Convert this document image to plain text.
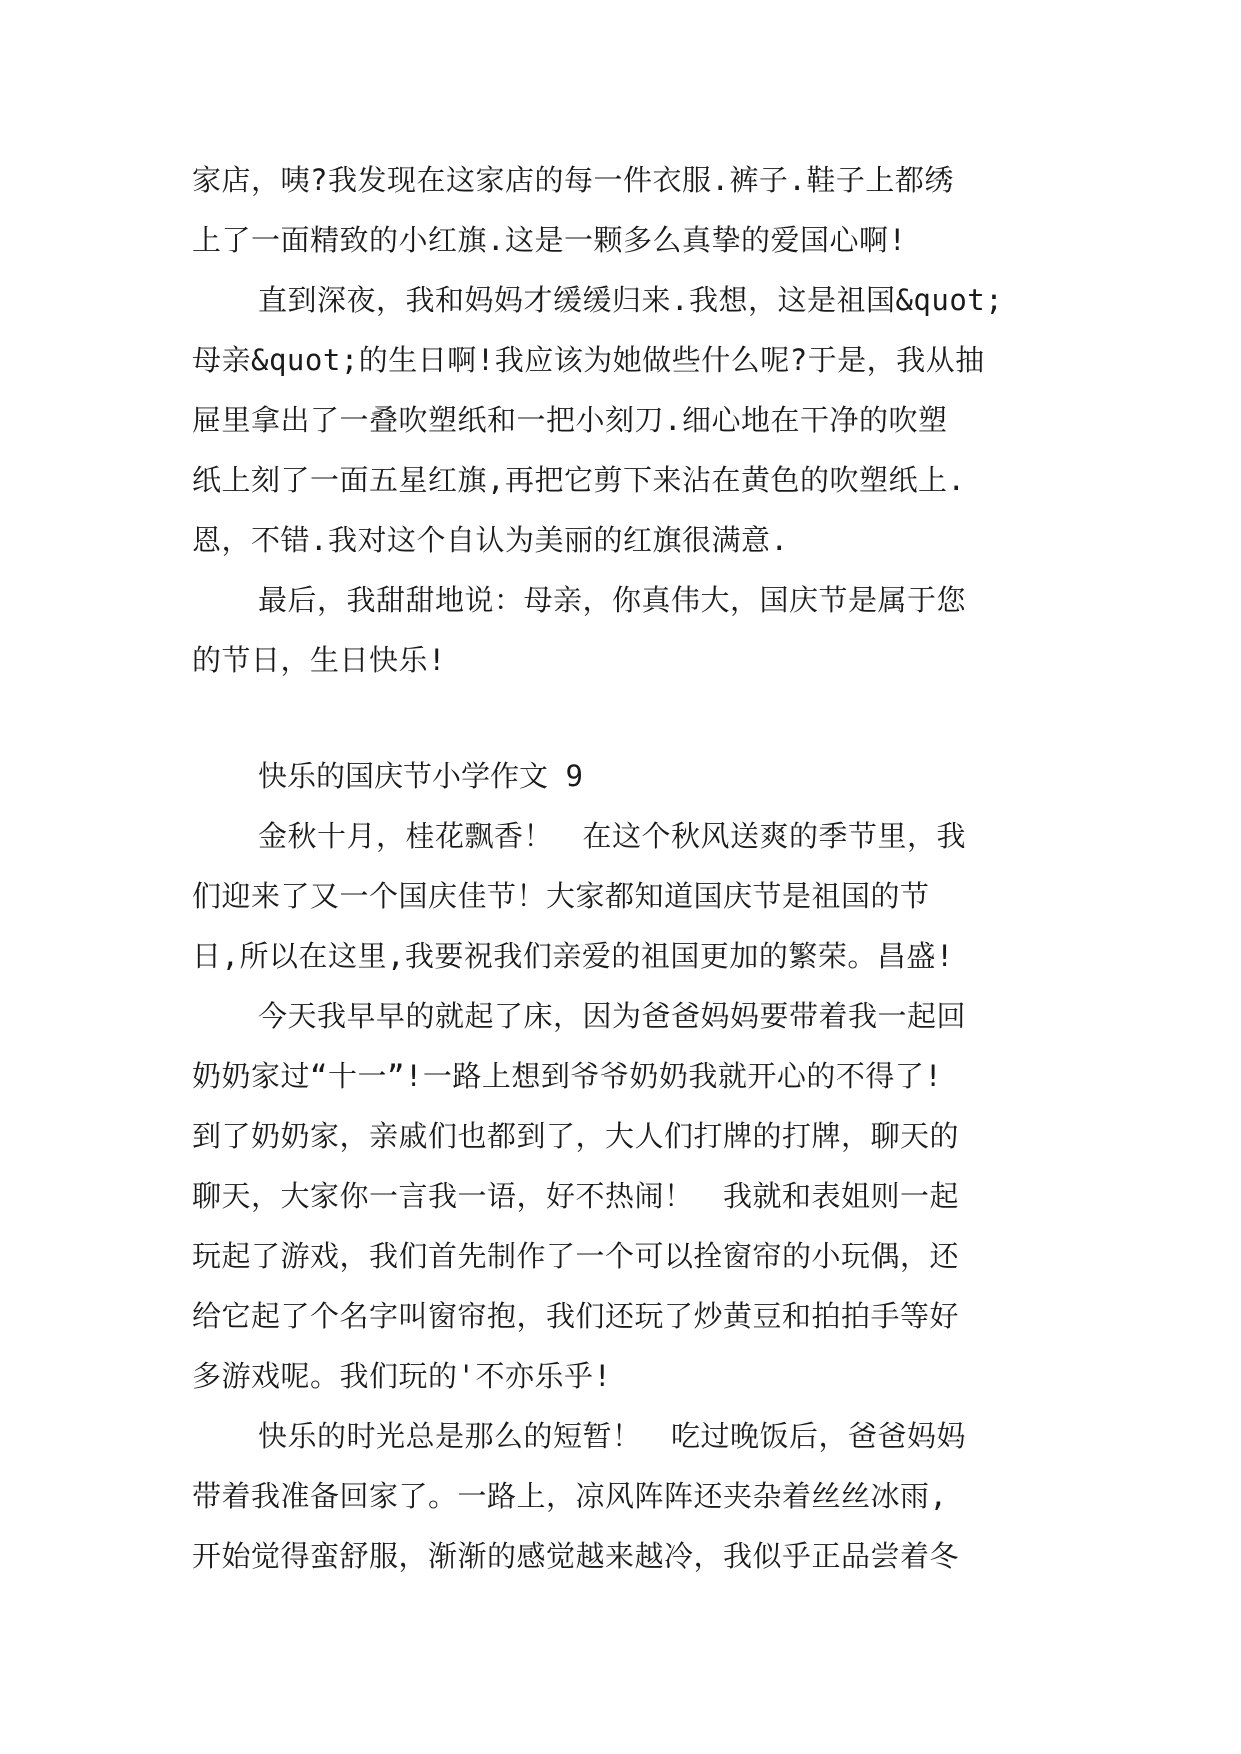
家店，咦?我发现在这家店的每一件衣服.裤子.鞋子上都绣
上了一面精致的小红旗.这是一颗多么真挚的爱国心啊!
直到深夜，我和妈妈才缓缓归来.我想，这是祖国&quot;
母亲&quot;的生日啊!我应该为她做些什么呢?于是，我从抽
屉里拿出了一叠吹塑纸和一把小刻刀.细心地在干净的吹塑
纸上刻了一面五星红旗,再把它剪下来沾在黄色的吹塑纸上.
恩，不错.我对这个自认为美丽的红旗很满意.
最后，我甜甜地说：母亲，你真伟大，国庆节是属于您
的节日，生日快乐!
快乐的国庆节小学作文 9
金秋十月，桂花飘香！　在这个秋风送爽的季节里，我
们迎来了又一个国庆佳节！大家都知道国庆节是祖国的节
日,所以在这里,我要祝我们亲爱的祖国更加的繁荣。昌盛!
今天我早早的就起了床，因为爸爸妈妈要带着我一起回
奶奶家过“十一”!一路上想到爷爷奶奶我就开心的不得了!
到了奶奶家，亲戚们也都到了，大人们打牌的打牌，聊天的
聊天，大家你一言我一语，好不热闹！　我就和表姐则一起
玩起了游戏，我们首先制作了一个可以拴窗帘的小玩偶，还
给它起了个名字叫窗帘抱，我们还玩了炒黄豆和拍拍手等好
多游戏呢。我们玩的'不亦乐乎!
快乐的时光总是那么的短暂！　吃过晚饭后，爸爸妈妈
带着我准备回家了。一路上，凉风阵阵还夹杂着丝丝冰雨,
开始觉得蛮舒服，渐渐的感觉越来越冷，我似乎正品尝着冬
